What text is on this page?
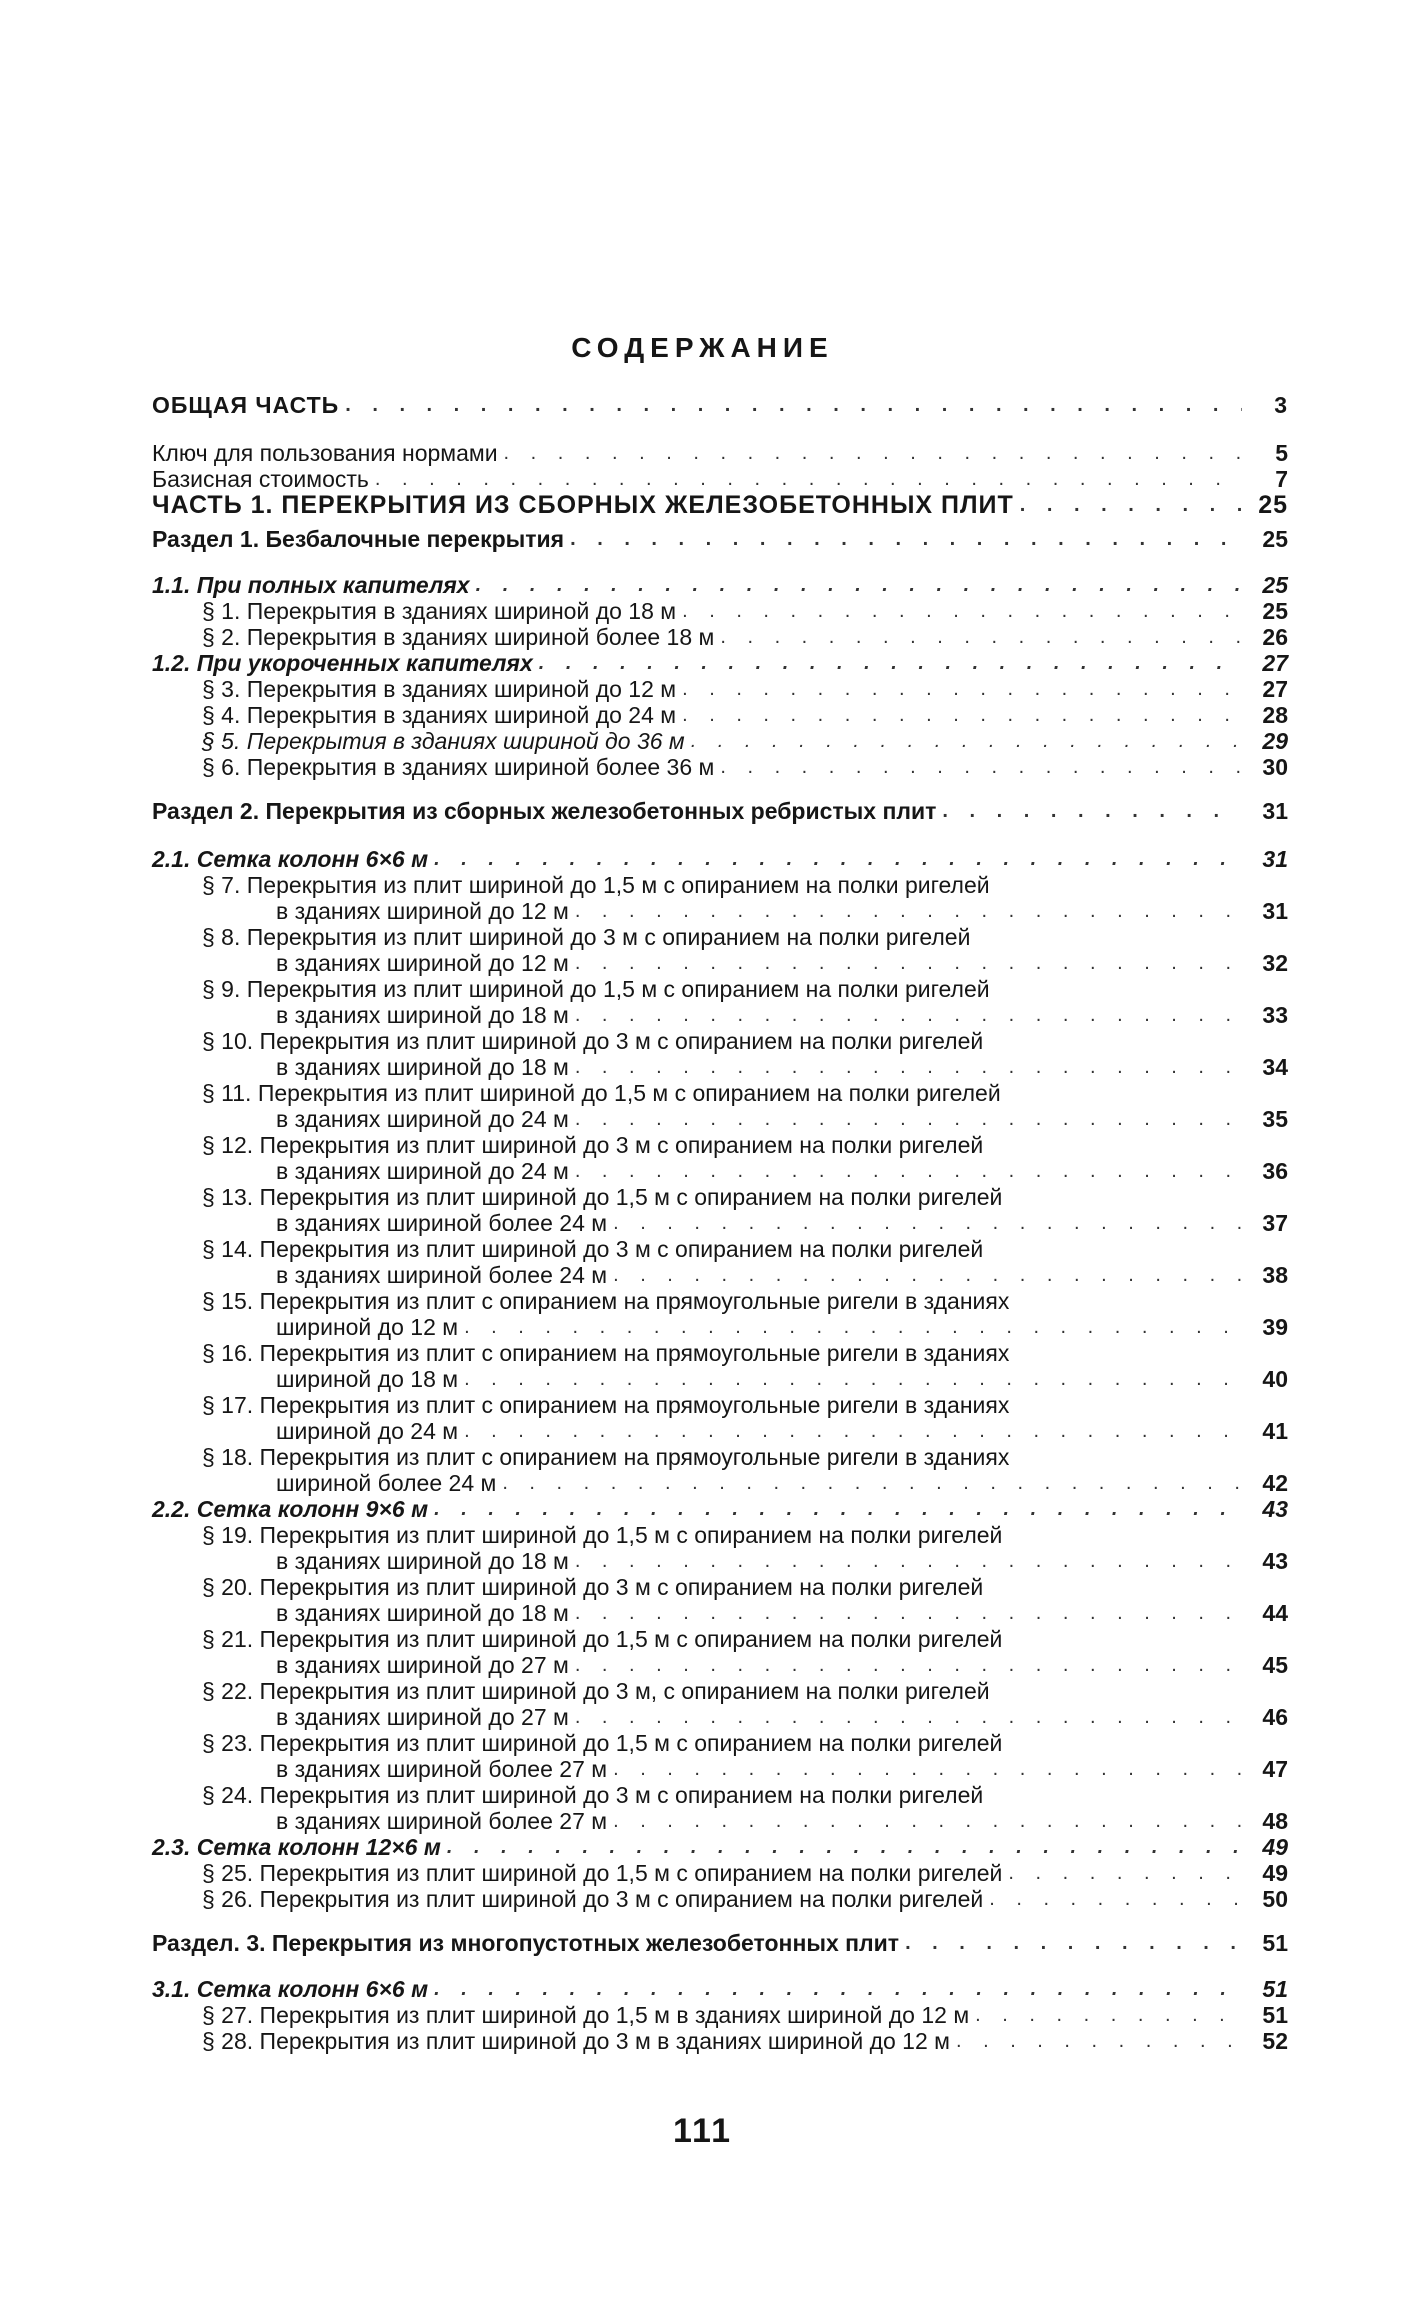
СОДЕРЖАНИЕ
ОБЩАЯ ЧАСТЬ . . .	3
Ключ для пользования нормами . . .	5
Базисная стоимость . . .	7
ЧАСТЬ 1. ПЕРЕКРЫТИЯ ИЗ СБОРНЫХ ЖЕЛЕЗОБЕТОННЫХ ПЛИТ . . .	25
Раздел 1. Безбалочные перекрытия . . .	25
1.1. При полных капителях . . .	25
§ 1. Перекрытия в зданиях шириной до 18 м . . .	25
§ 2. Перекрытия в зданиях шириной более 18 м . . .	26
1.2. При укороченных капителях . . .	27
§ 3. Перекрытия в зданиях шириной до 12 м . . .	27
§ 4. Перекрытия в зданиях шириной до 24 м . . .	28
§ 5. Перекрытия в зданиях шириной до 36 м . . .	29
§ 6. Перекрытия в зданиях шириной более 36 м . . .	30
Раздел 2. Перекрытия из сборных железобетонных ребристых плит . . .	31
2.1. Сетка колонн 6×6 м . . .	31
§ 7. Перекрытия из плит шириной до 1,5 м с опиранием на полки ригелей
в зданиях шириной до 12 м . . .	31
§ 8. Перекрытия из плит шириной до 3 м с опиранием на полки ригелей
в зданиях шириной до 12 м . . .	32
§ 9. Перекрытия из плит шириной до 1,5 м с опиранием на полки ригелей
в зданиях шириной до 18 м . . .	33
§ 10. Перекрытия из плит шириной до 3 м с опиранием на полки ригелей
в зданиях шириной до 18 м . . .	34
§ 11. Перекрытия из плит шириной до 1,5 м с опиранием на полки ригелей
в зданиях шириной до 24 м . . .	35
§ 12. Перекрытия из плит шириной до 3 м с опиранием на полки ригелей
в зданиях шириной до 24 м . . .	36
§ 13. Перекрытия из плит шириной до 1,5 м с опиранием на полки ригелей
в зданиях шириной более 24 м . . .	37
§ 14. Перекрытия из плит шириной до 3 м с опиранием на полки ригелей
в зданиях шириной более 24 м . . .	38
§ 15. Перекрытия из плит с опиранием на прямоугольные ригели в зданиях
шириной до 12 м . . .	39
§ 16. Перекрытия из плит с опиранием на прямоугольные ригели в зданиях
шириной до 18 м . . .	40
§ 17. Перекрытия из плит с опиранием на прямоугольные ригели в зданиях
шириной до 24 м . . .	41
§ 18. Перекрытия из плит с опиранием на прямоугольные ригели в зданиях
шириной более 24 м . . .	42
2.2. Сетка колонн 9×6 м . . .	43
§ 19. Перекрытия из плит шириной до 1,5 м с опиранием на полки ригелей
в зданиях шириной до 18 м . . .	43
§ 20. Перекрытия из плит шириной до 3 м с опиранием на полки ригелей
в зданиях шириной до 18 м . . .	44
§ 21. Перекрытия из плит шириной до 1,5 м с опиранием на полки ригелей
в зданиях шириной до 27 м . . .	45
§ 22. Перекрытия из плит шириной до 3 м, с опиранием на полки ригелей
в зданиях шириной до 27 м . . .	46
§ 23. Перекрытия из плит шириной до 1,5 м с опиранием на полки ригелей
в зданиях шириной более 27 м . . .	47
§ 24. Перекрытия из плит шириной до 3 м с опиранием на полки ригелей
в зданиях шириной более 27 м . . .	48
2.3. Сетка колонн 12×6 м . . .	49
§ 25. Перекрытия из плит шириной до 1,5 м с опиранием на полки ригелей . . .	49
§ 26. Перекрытия из плит шириной до 3 м с опиранием на полки ригелей . . .	50
Раздел. 3. Перекрытия из многопустотных железобетонных плит . . .	51
3.1. Сетка колонн 6×6 м . . .	51
§ 27. Перекрытия из плит шириной до 1,5 м в зданиях шириной до 12 м . . .	51
§ 28. Перекрытия из плит шириной до 3 м в зданиях шириной до 12 м . . .	52
111
